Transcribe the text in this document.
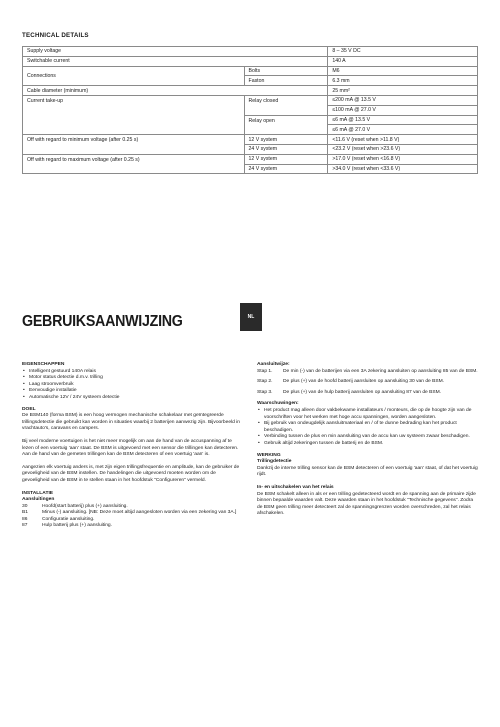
TECHNICAL DETAILS
Supply voltage		8 – 35 V DC
Switchable current		140 A
Connections	Bolts	M6
	Faston	6.3 mm
Cable diameter (minimum)		25 mm²
Current take-up	Relay closed	≤200 mA @ 13.5 V
		≤100 mA @ 27.0 V
	Relay open	≤6 mA @ 13.5 V
		≤6 mA @ 27.0 V
Off with regard to minimum voltage (after 0.25 s)	12 V system	<11.6 V (reset when >11.8 V)
	24 V system	<23.2 V (reset when >23.6 V)
Off with regard to maximum voltage (after 0.25 s)	12 V system	>17.0 V (reset when <16.8 V)
	24 V system	>34.0 V (reset when <33.6 V)
GEBRUIKSAANWIJZING	NL
EIGENSCHAPPEN
• Intelligent gestuurd 140A relais
• Motor status detectie d.m.v. trilling
• Laag stroomverbruik
• Eenvoudige installatie
• Automatische 12V / 24V systeem detectie
DOEL

De BSM140 (forma BSM) is een hoog vermogen mechanische schakelaar met geïntegreerde trillingsdetectie die gebruikt kan worden in situaties waarbij 2 batterijen aanwezig zijn. Bijvoorbeeld in vrachtauto's, caravans en campers.

Bij veel moderne voertuigen is het niet meer mogelijk om aan de hand van de accuspanning af te lezen of een voertuig 'aan' staat. De BSM is uitgevoerd met een sensor die trillingen kan detecteren. Aan de hand van de gemeten trillingen kan de BSM detecteren of een voertuig 'aan' is.

Aangezien elk voertuig anders is, met zijn eigen trillingsfrequentie en amplitude, kan de gebruiker de gevoeligheid van de BSM instellen. De handelingen die uitgevoerd moeten worden om de gevoeligheid van de BSM in te stellen staan in het hoofdstuk "Configureren" vermeld.

INSTALLATIE
Aansluitingen
30	Hoofd(start batterij) plus (+) aansluiting.
B1	Minus (-) aansluiting. [NB: Deze moet altijd aangesloten worden via een zekering van 3A.]
86	Configuratie aansluiting.
87	Hulp batterij plus (+) aansluiting.
Aansluitwijze:
Stap 1.	De min (-) van de batterijen via een 3A zekering aansluiten op aansluiting 85 van de BSM.

Stap 2.	De plus (+) van de hoofd batterij aansluiten op aansluiting 30 van de BSM.

Stap 3.	De plus (+) van de hulp batterij aansluiten op aansluiting 87 van de BSM.
Waarschuwingen:
• Het product mag alleen door vakbekwame installateurs / monteurs, die op de hoogte zijn van de voorschriften voor het werken met hoge accu spanningen, worden aangesloten.
• Bij gebruik van ondeugdelijk aansluitmateriaal en / of te dunne bedrading kan het product beschadigen.
• Verbinding tussen de plus en min aansluiting van de accu kan uw systeem zwaar beschadigen.
• Gebruik altijd zekeringen tussen de batterij en de BSM.
WERKING
Trillingdetectie

Dankzij de interne trilling sensor kan de BSM detecteren of een voertuig 'aan' staat, of dat het voertuig rijdt.

In- en uitschakelen van het relais

De BSM schakelt alleen in als er een trilling gedetecteerd wordt en de spanning aan de primaire zijde binnen bepaalde waarden valt. Deze waarden staan in het hoofdstuk "Technische gegevens". Zodra de BSM geen trilling meer detecteert zal de spanningsgrenzen worden overschreden, zal het relais afschakelen.
